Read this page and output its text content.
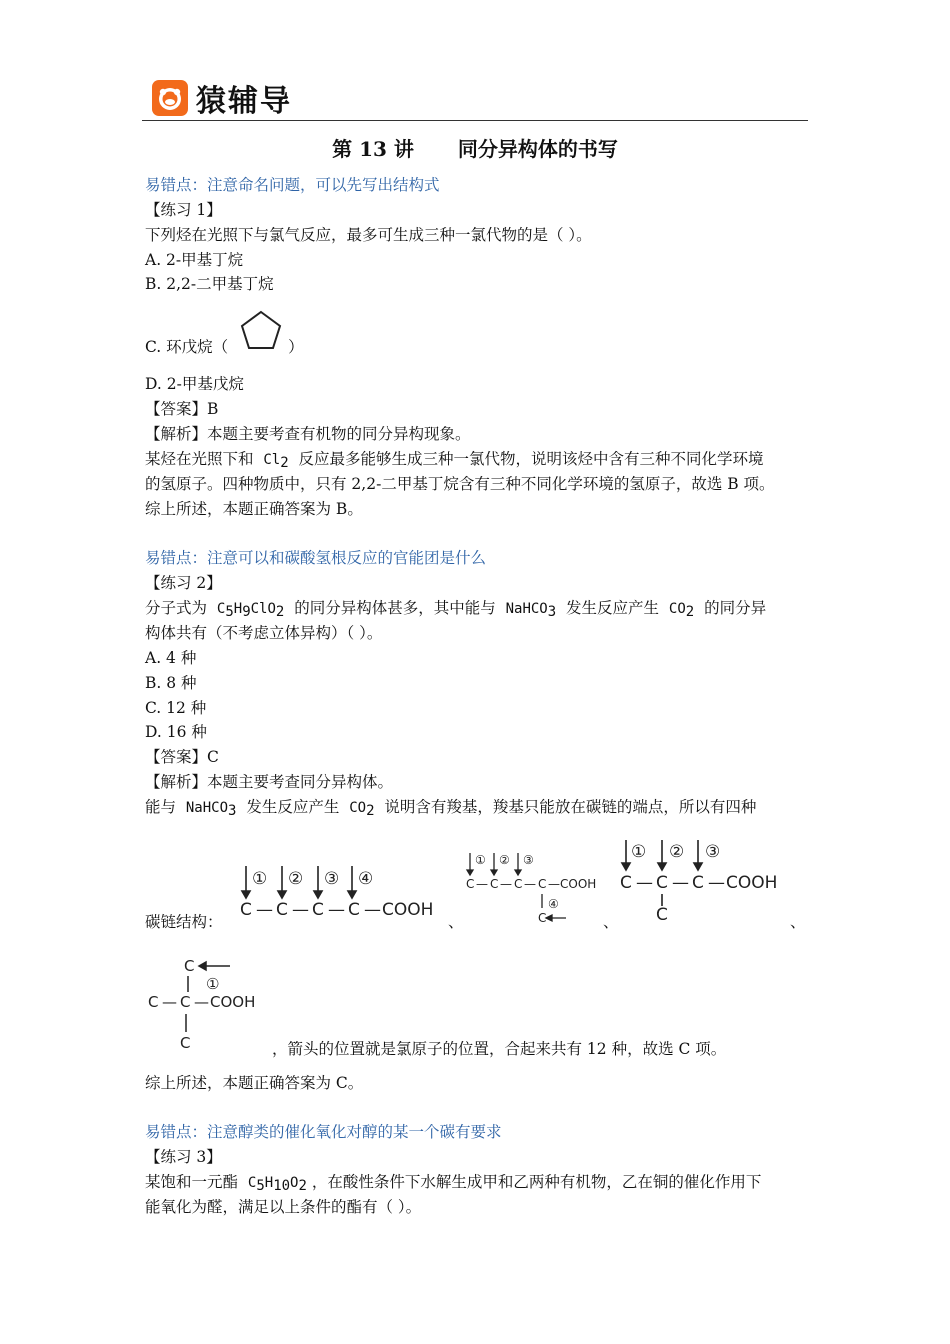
猿辅导
第 13 讲 同分异构体的书写
易错点：注意命名问题，可以先写出结构式
【练习 1】
下列烃在光照下与氯气反应，最多可生成三种一氯代物的是（ ）。
A. 2-甲基丁烷
B. 2,2-二甲基丁烷
C. 环戊烷（	）
D. 2-甲基戊烷
【答案】B
【解析】本题主要考查有机物的同分异构现象。
某烃在光照下和 $Cl_2$ 反应最多能够生成三种一氯代物，说明该烃中含有三种不同化学环境
的氢原子。四种物质中，只有 2,2-二甲基丁烷含有三种不同化学环境的氢原子，故选 B 项。
综上所述，本题正确答案为 B。
易错点：注意可以和碳酸氢根反应的官能团是什么
【练习 2】
分子式为 $C_5H_9ClO_2$ 的同分异构体甚多，其中能与 NaHCO$_3$ 发生反应产生 $CO_2$ 的同分异
构体共有（不考虑立体异构）（ ）。
A. 4 种
B. 8 种
C. 12 种
D. 16 种
【答案】C
【解析】本题主要考查同分异构体。
能与 NaHCO$_3$ 发生反应产生 $CO_2$ 说明含有羧基，羧基只能放在碳链的端点，所以有四种
碳链结构：
C — C — C — C — COOH
① ② ③ ④
、
C — C — C — C — COOH
C
① ② ③
④
、
C — C — C — COOH
C
① ② ③
、
C
C — C — COOH
C
①
，箭头的位置就是氯原子的位置，合起来共有 12 种，故选 C 项。
综上所述，本题正确答案为 C。
易错点：注意醇类的催化氧化对醇的某一个碳有要求
【练习 3】
某饱和一元酯 $C_5H_{10}O_2$ ，在酸性条件下水解生成甲和乙两种有机物，乙在铜的催化作用下
能氧化为醛，满足以上条件的酯有（ ）。
